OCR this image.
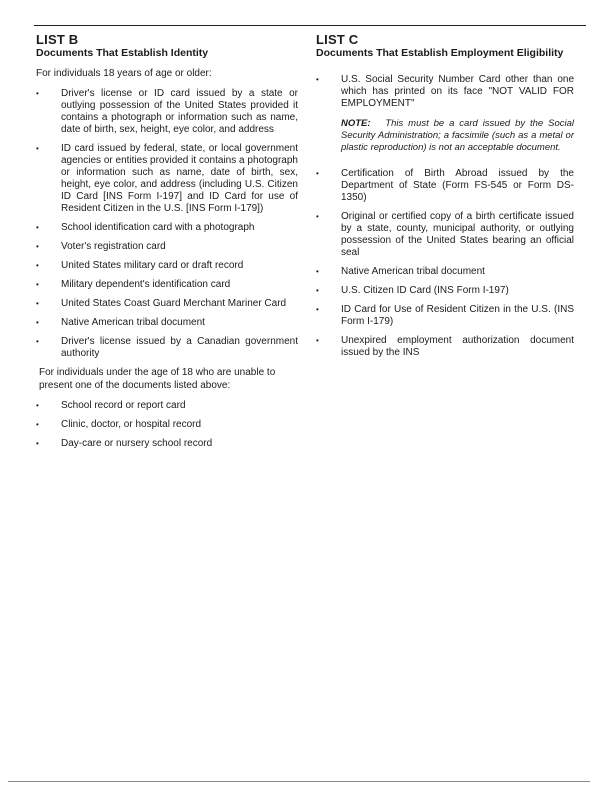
LIST B
Documents That Establish Identity

For individuals 18 years of age or older:

• Driver's license or ID card issued by a state or outlying possession of the United States provided it contains a photograph or information such as name, date of birth, sex, height, eye color, and address
• ID card issued by federal, state, or local government agencies or entities provided it contains a photograph or information such as name, date of birth, sex, height, eye color, and address (including U.S. Citizen ID Card [INS Form I-197] and ID Card for use of Resident Citizen in the U.S. [INS Form I-179])
• School identification card with a photograph
• Voter's registration card
• United States military card or draft record
• Military dependent's identification card
• United States Coast Guard Merchant Mariner Card
• Native American tribal document
• Driver's license issued by a Canadian government authority

For individuals under the age of 18 who are unable to present one of the documents listed above:

• School record or report card
• Clinic, doctor, or hospital record
• Day-care or nursery school record
LIST C
Documents That Establish Employment Eligibility
• U.S. Social Security Number Card other than one which has printed on its face "NOT VALID FOR EMPLOYMENT"

NOTE: This must be a card issued by the Social Security Administration; a facsimile (such as a metal or plastic reproduction) is not an acceptable document.

• Certification of Birth Abroad issued by the Department of State (Form FS-545 or Form DS-1350)
• Original or certified copy of a birth certificate issued by a state, county, municipal authority, or outlying possession of the United States bearing an official seal
• Native American tribal document
• U.S. Citizen ID Card (INS Form I-197)
• ID Card for Use of Resident Citizen in the U.S. (INS Form I-179)
• Unexpired employment authorization document issued by the INS
